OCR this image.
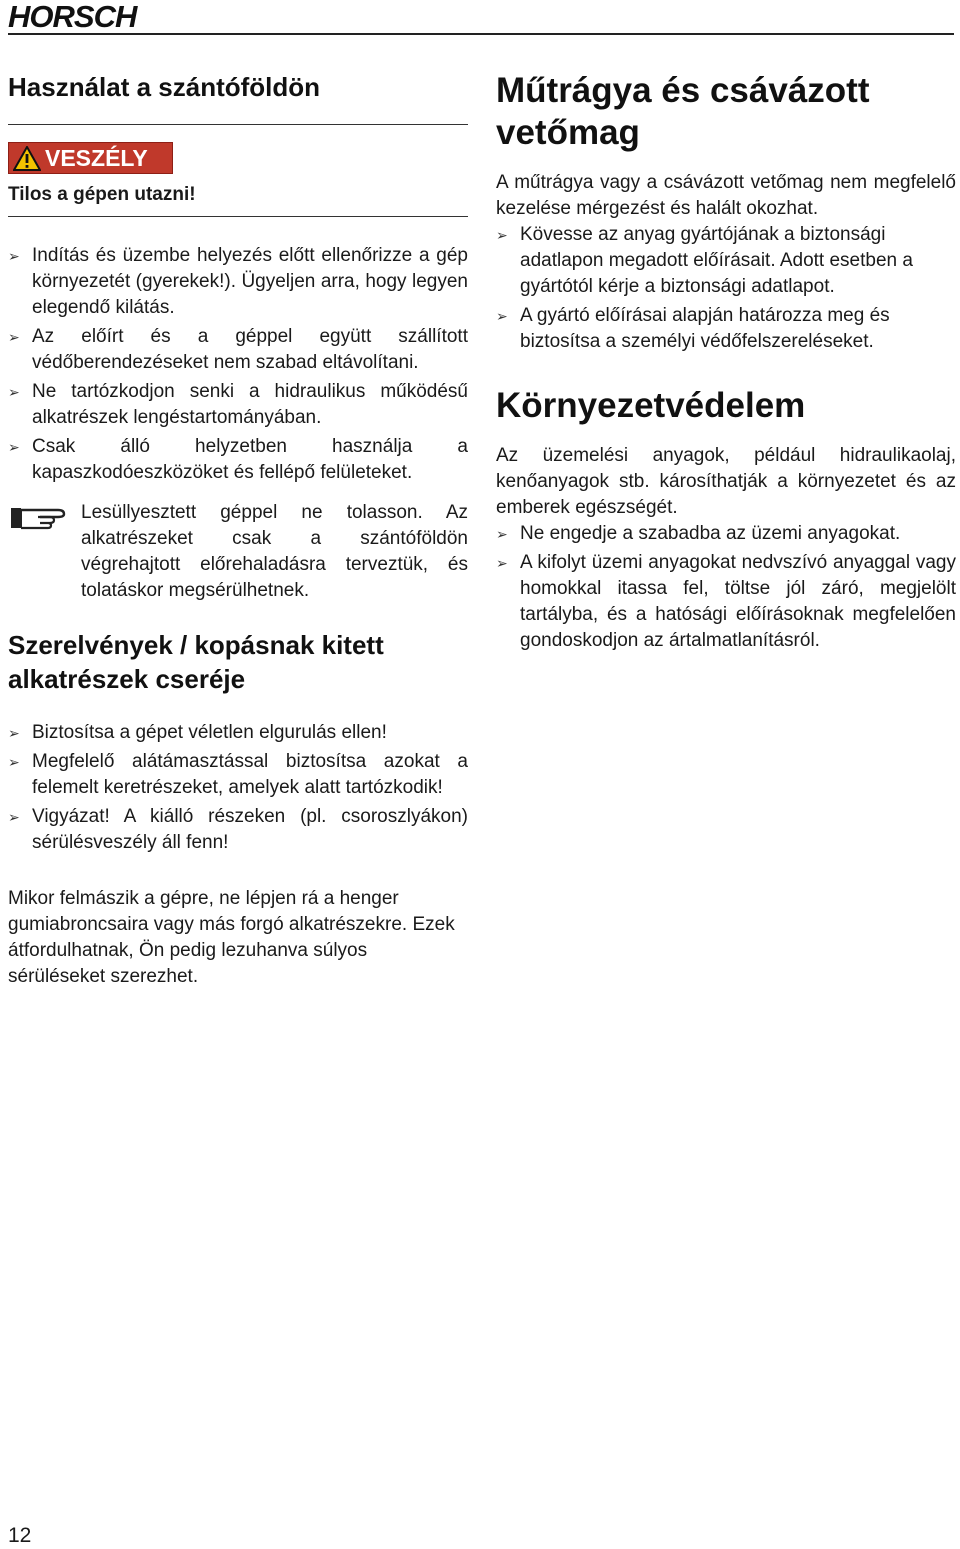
HORSCH
Használat a szántóföldön
VESZÉLY

Tilos a gépen utazni!

➢ Indítás és üzembe helyezés előtt ellenőrizze a gép környezetét (gyerekek!). Ügyeljen arra, hogy legyen elegendő kilátás.
➢ Az előírt és a géppel együtt szállított védőberendezéseket nem szabad eltávolítani.
➢ Ne tartózkodjon senki a hidraulikus működésű alkatrészek lengéstartományában.
➢ Csak álló helyzetben használja a kapaszkodóeszközöket és fellépő felületeket.
Lesüllyesztett géppel ne tolasson. Az alkatrészeket csak a szántóföldön végrehajtott előrehaladásra terveztük, és tolatáskor megsérülhetnek.
Szerelvények / kopásnak kitett alkatrészek cseréje
➢ Biztosítsa a gépet véletlen elgurulás ellen!
➢ Megfelelő alátámasztással biztosítsa azokat a felemelt keretrészeket, amelyek alatt tartózkodik!
➢ Vigyázat! A kiálló részeken (pl. csoroszlyákon) sérülésveszély áll fenn!

Mikor felmászik a gépre, ne lépjen rá a henger gumiabroncsaira vagy más forgó alkatrészekre. Ezek átfordulhatnak, Ön pedig lezuhanva súlyos sérüléseket szerezhet.

Műtrágya és csávázott vetőmag

A műtrágya vagy a csávázott vetőmag nem megfelelő kezelése mérgezést és halált okozhat.

➢ Kövesse az anyag gyártójának a biztonsági adatlapon megadott előírásait. Adott esetben a gyártótól kérje a biztonsági adatlapot.
➢ A gyártó előírásai alapján határozza meg és biztosítsa a személyi védőfelszereléseket.
Környezetvédelem

Az üzemelési anyagok, például hidraulikaolaj, kenőanyagok stb. károsíthatják a környezetet és az emberek egészségét.

➢ Ne engedje a szabadba az üzemi anyagokat.
➢ A kifolyt üzemi anyagokat nedvszívó anyaggal vagy homokkal itassa fel, töltse jól záró, megjelölt tartályba, és a hatósági előírásoknak megfelelően gondoskodjon az ártalmatlanításról.
12
